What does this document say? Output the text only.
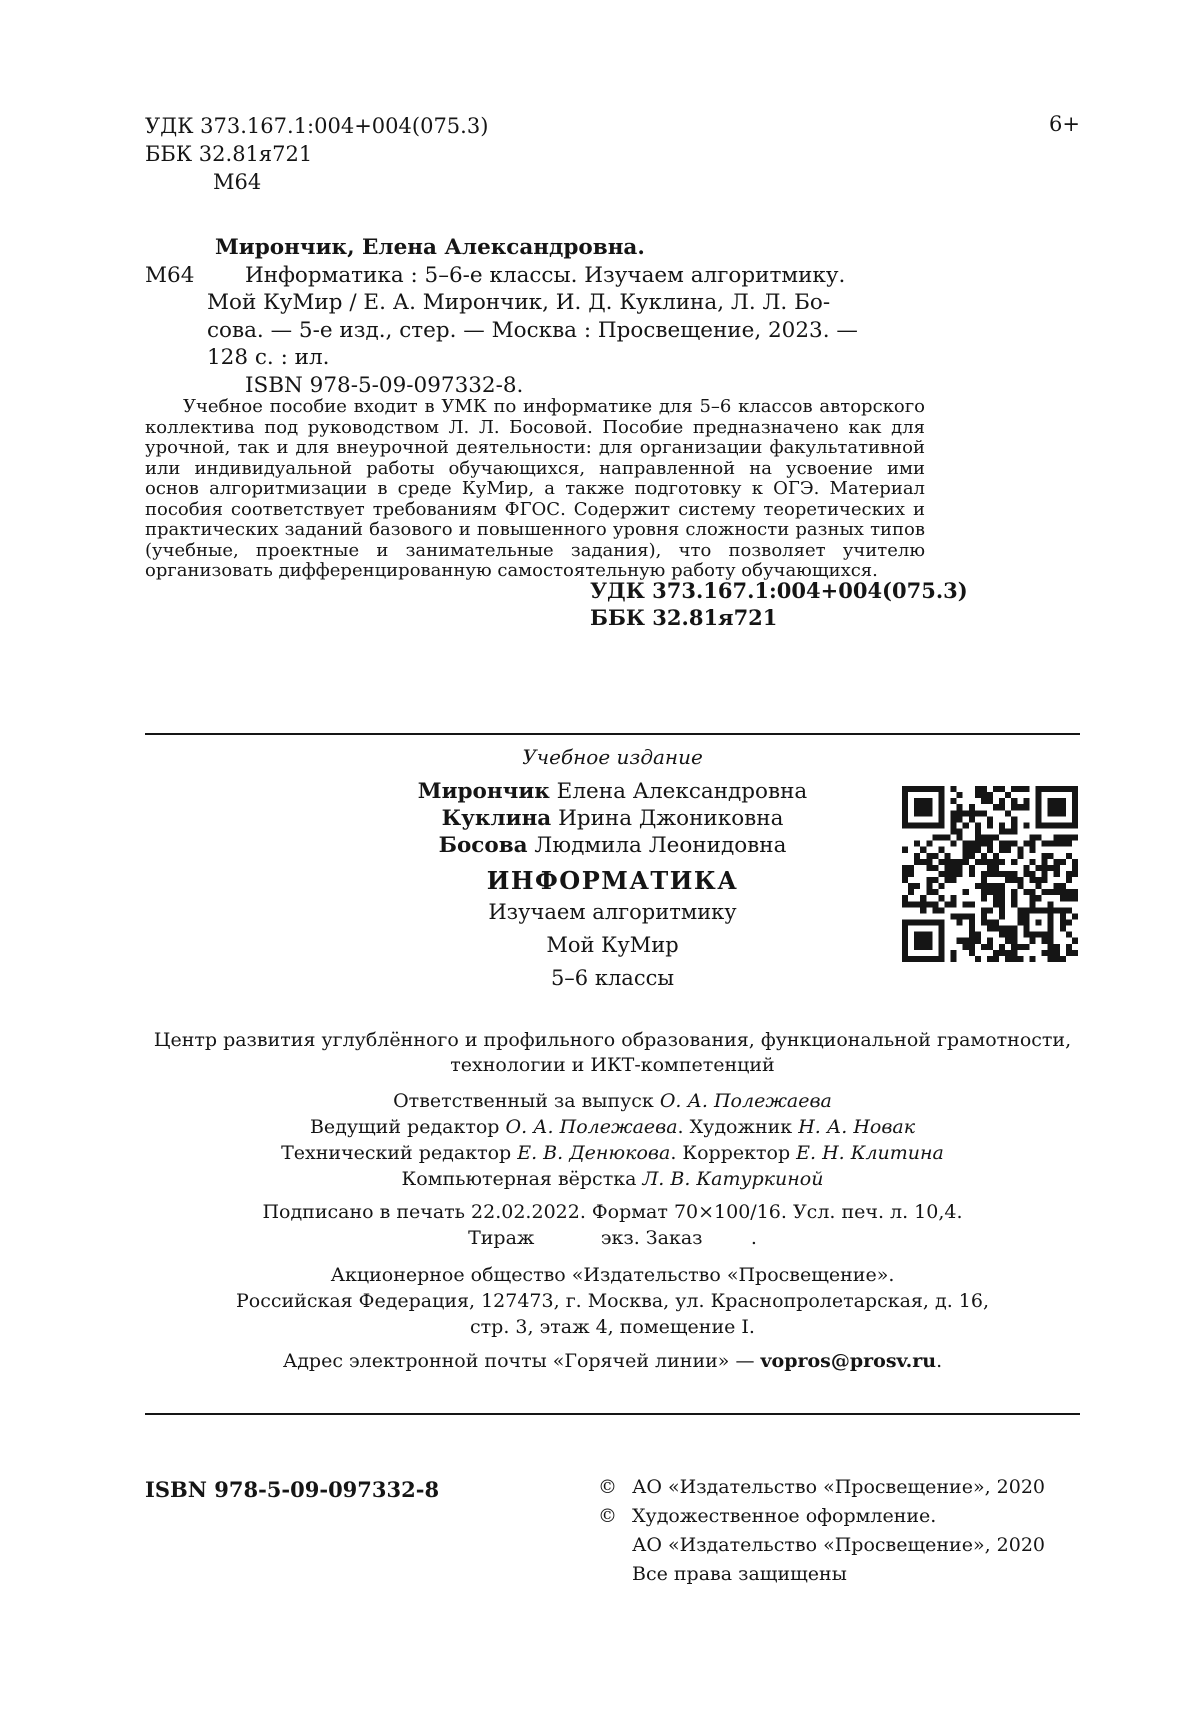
УДК 373.167.1:004+004(075.3)
ББК 32.81я721
М64
6+
Мирончик, Елена Александровна.
М64	Информатика : 5–6-е классы. Изучаем алгоритмику.
Мой КуМир / Е. А. Мирончик, И. Д. Куклина, Л. Л. Бо-
сова. — 5-е изд., стер. — Москва : Просвещение, 2023. —
128 с. : ил.
ISBN 978-5-09-097332-8.
Учебное пособие входит в УМК по информатике для 5–6 классов авторского коллектива под руководством Л. Л. Босовой. Пособие предназначено как для урочной, так и для внеурочной деятельности: для организации факультативной или индивидуальной работы обучающихся, направленной на усвоение ими основ алгоритмизации в среде КуМир, а также подготовку к ОГЭ. Материал пособия соответствует требованиям ФГОС. Содержит систему теоретических и практических заданий базового и повышенного уровня сложности разных типов (учебные, проектные и занимательные задания), что позволяет учителю организовать дифференцированную самостоятельную работу обучающихся.
УДК 373.167.1:004+004(075.3)
ББК 32.81я721
Учебное издание
Мирончик Елена Александровна
Куклина Ирина Джониковна
Босова Людмила Леонидовна
ИНФОРМАТИКА
Изучаем алгоритмику
Мой КуМир
5–6 классы
Центр развития углублённого и профильного образования, функциональной грамотности,
технологии и ИКТ-компетенций
Ответственный за выпуск О. А. Полежаева
Ведущий редактор О. А. Полежаева. Художник Н. А. Новак
Технический редактор Е. В. Денюкова. Корректор Е. Н. Клитина
Компьютерная вёрстка Л. В. Катуркиной
Подписано в печать 22.02.2022. Формат 70×100/16. Усл. печ. л. 10,4.
Тираж           экз. Заказ        .
Акционерное общество «Издательство «Просвещение».
Российская Федерация, 127473, г. Москва, ул. Краснопролетарская, д. 16,
стр. 3, этаж 4, помещение I.
Адрес электронной почты «Горячей линии» — vopros@prosv.ru.
ISBN 978-5-09-097332-8	© АО «Издательство «Просвещение», 2020
© Художественное оформление.
АО «Издательство «Просвещение», 2020
Все права защищены
